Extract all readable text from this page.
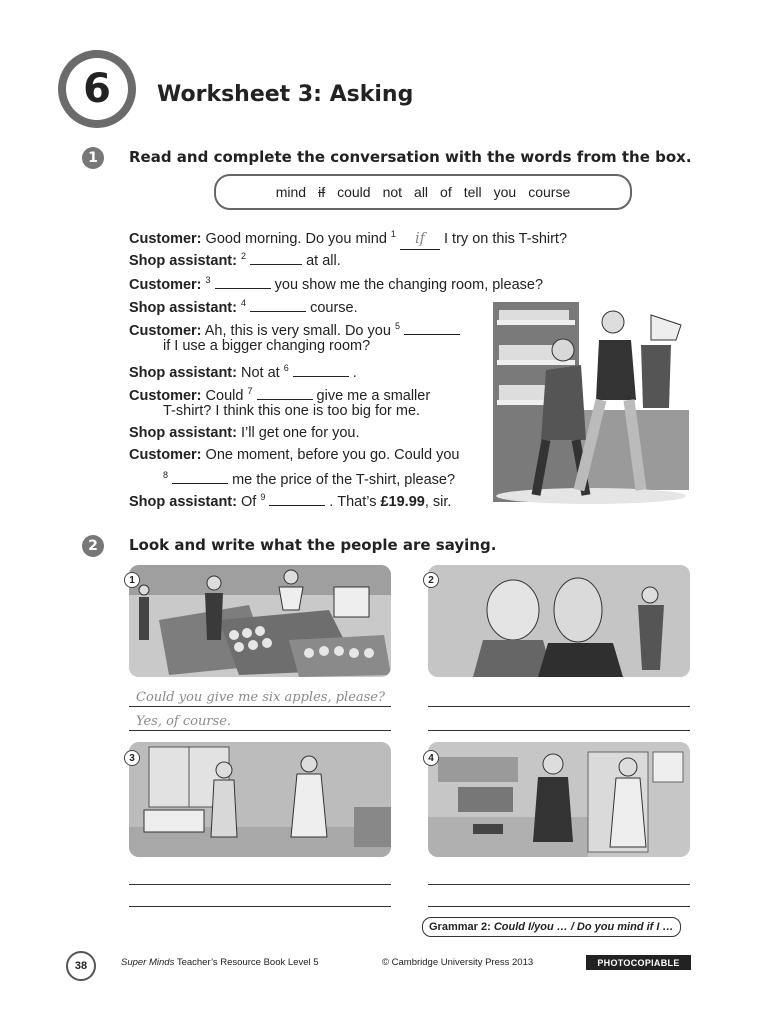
6	Worksheet 3: Asking
1	Read and complete the conversation with the words from the box.
mind if could not all of tell you course
Customer: Good morning. Do you mind $^1$ if I try on this T-shirt?
Shop assistant: $^2$	at all.
Customer: $^3$	you show me the changing room, please?
Shop assistant: $^4$	course.
Customer: Ah, this is very small. Do you $^5$
if I use a bigger changing room?
Shop assistant: Not at $^6$	.
Customer: Could $^7$	give me a smaller
T-shirt? I think this one is too big for me.
Shop assistant: I’ll get one for you.
Customer: One moment, before you go. Could you
$^8$	me the price of the T-shirt, please?
Shop assistant: Of $^9$	. That’s £19.99, sir.
2	Look and write what the people are saying.
1	2
Could you give me six apples, please?
Yes, of course.
3	4
Grammar 2:
Could I/you … / Do you mind if I …
38	Super Minds Teacher’s Resource Book Level 5	© Cambridge University Press 2013	PHOTOCOPIABLE
